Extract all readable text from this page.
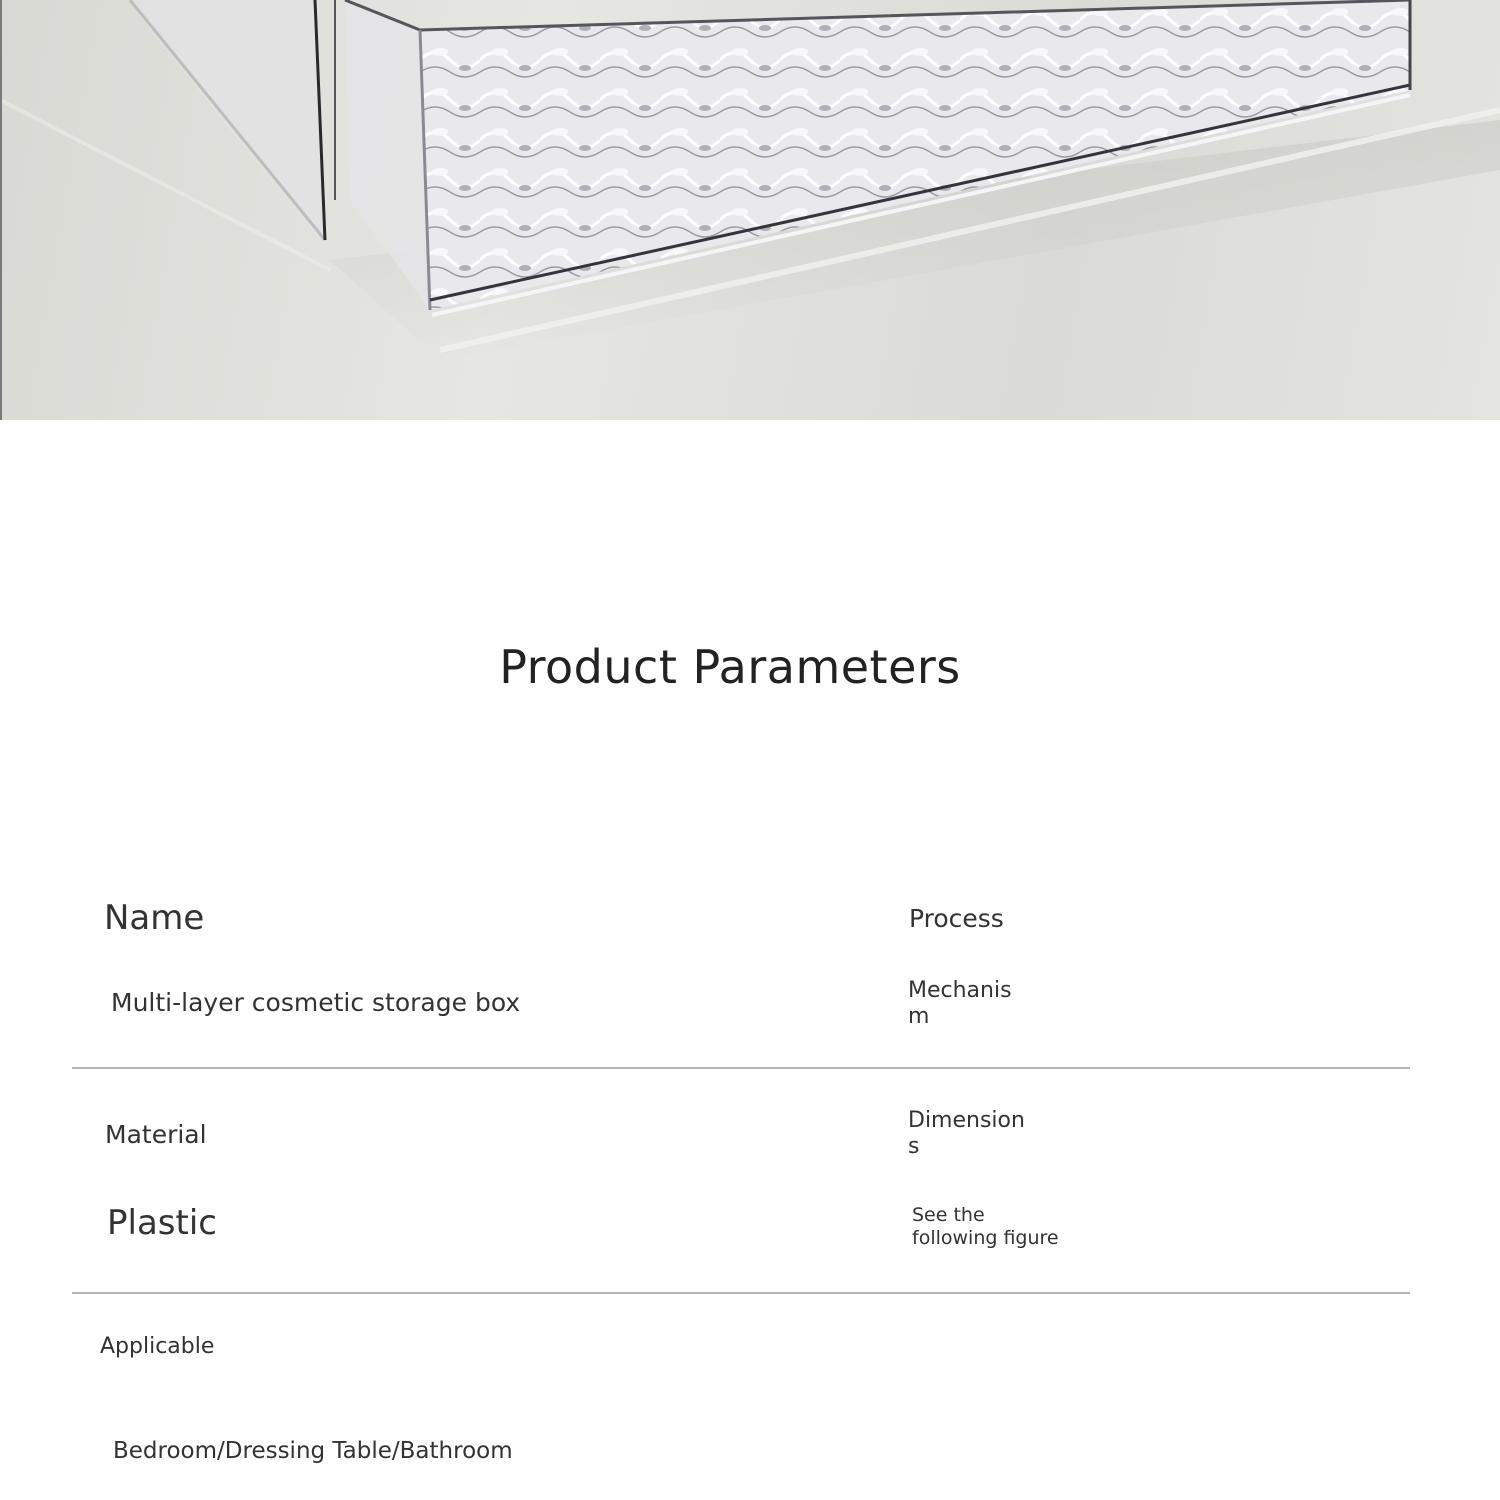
Product Parameters
Name
Multi-layer cosmetic storage box
Process
Mechanism
Material
Plastic
Dimensions
See the following figure
Applicable
Bedroom/Dressing Table/Bathroom
